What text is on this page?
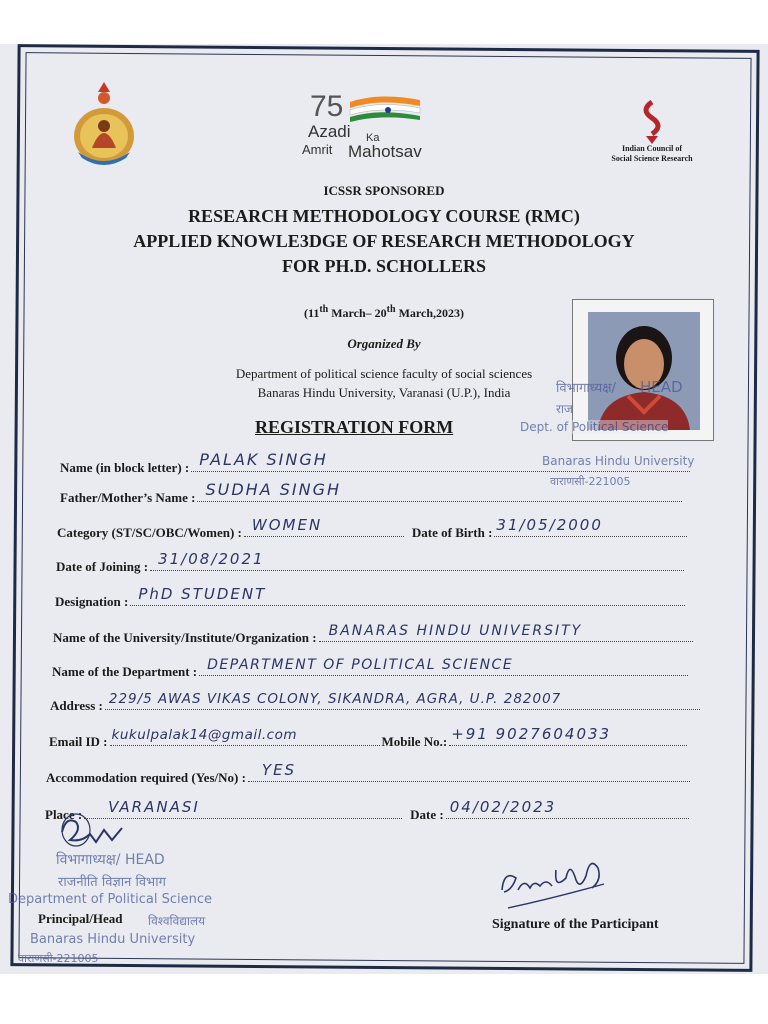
75
Azadi Ka
Amrit Mahotsav	Indian Council of
Social Science Research
ICSSR SPONSORED
RESEARCH METHODOLOGY COURSE (RMC)
APPLIED KNOWLE3DGE OF RESEARCH METHODOLOGY
FOR PH.D. SCHOLLERS
(11th March– 20th March,2023)
Organized By
Department of political science faculty of social sciences
Banaras Hindu University, Varanasi (U.P.), India
REGISTRATION FORM
विभागाध्यक्ष/ HEAD
राज
Dept. of Political Science
Banaras Hindu University
वाराणसी-221005
Name (in block letter) : PALAK SINGH
Father/Mother’s Name : SUDHA SINGH
Category (ST/SC/OBC/Women) : WOMEN	Date of Birth : 31/05/2000
Date of Joining : 31/08/2021
Designation : PhD STUDENT
Name of the University/Institute/Organization : BANARAS HINDU UNIVERSITY
Name of the Department : DEPARTMENT OF POLITICAL SCIENCE
Address : 229/5 AWAS VIKAS COLONY, SIKANDRA, AGRA, U.P. 282007
Email ID : kukulpalak14@gmail.com	Mobile No.: +91 9027604033
Accommodation required (Yes/No) : YES
Place : VARANASI	Date : 04/02/2023
विभागाध्यक्ष/ HEAD
राजनीति विज्ञान विभाग
Department of Political Science
विश्वविद्यालय
Banaras Hindu University
वाराणसी-221005
Principal/Head	Signature of the Participant
